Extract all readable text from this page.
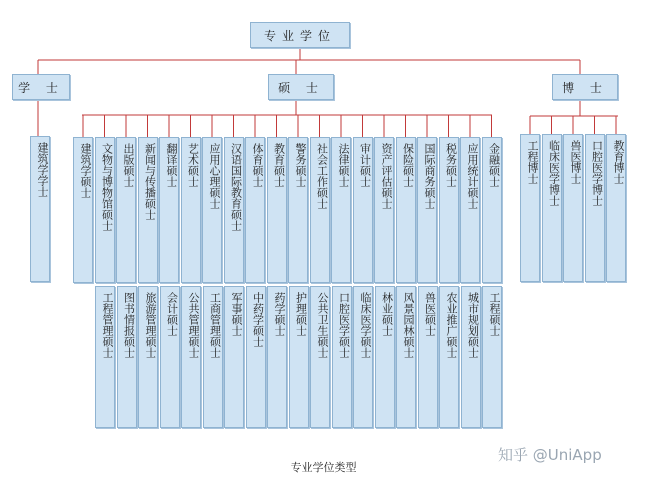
专业学位
学 士	硕 士	博 士
建筑学学士	建筑学硕士 文物与博物馆硕士 出版硕士 新闻与传播硕士 翻译硕士 艺术硕士 应用心理硕士 汉语国际教育硕士 体育硕士 教育硕士 警务硕士 社会工作硕士 法律硕士 审计硕士 资产评估硕士 保险硕士 国际商务硕士 税务硕士 应用统计硕士 金融硕士
工程管理硕士 图书情报硕士 旅游管理硕士 会计硕士 公共管理硕士 工商管理硕士 军事硕士 中药学硕士 药学硕士 护理硕士 公共卫生硕士 口腔医学硕士 临床医学硕士 林业硕士 风景园林硕士 兽医硕士 农业推广硕士 城市规划硕士 工程硕士
工程博士 临床医学博士 兽医博士 口腔医学博士 教育博士
专业学位类型
知乎 @UniApp
